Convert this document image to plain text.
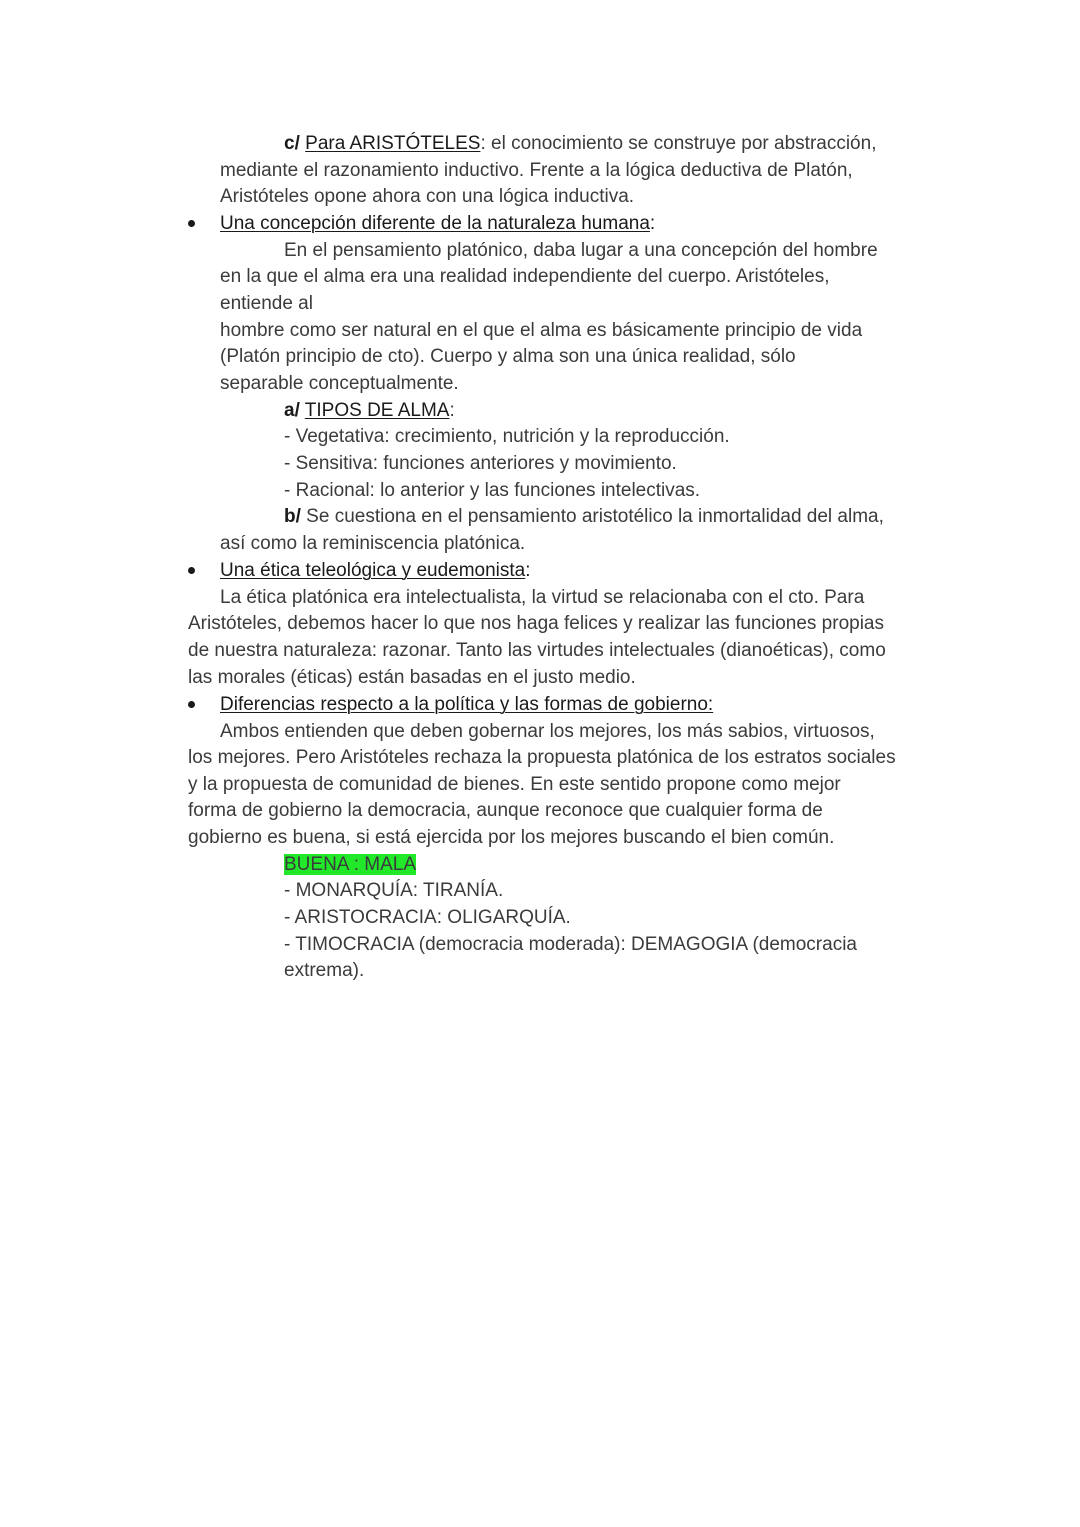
c/ Para ARISTÓTELES: el conocimiento se construye por abstracción,
mediante el razonamiento inductivo. Frente a la lógica deductiva de Platón,
Aristóteles opone ahora con una lógica inductiva.
Una concepción diferente de la naturaleza humana:
En el pensamiento platónico, daba lugar a una concepción del hombre
en la que el alma era una realidad independiente del cuerpo. Aristóteles,
entiende al
hombre como ser natural en el que el alma es básicamente principio de vida
(Platón principio de cto). Cuerpo y alma son una única realidad, sólo
separable conceptualmente.
a/ TIPOS DE ALMA:
- Vegetativa: crecimiento, nutrición y la reproducción.
- Sensitiva: funciones anteriores y movimiento.
- Racional: lo anterior y las funciones intelectivas.
b/ Se cuestiona en el pensamiento aristotélico la inmortalidad del alma,
así como la reminiscencia platónica.
Una ética teleológica y eudemonista:
La ética platónica era intelectualista, la virtud se relacionaba con el cto. Para
Aristóteles, debemos hacer lo que nos haga felices y realizar las funciones propias
de nuestra naturaleza: razonar. Tanto las virtudes intelectuales (dianoéticas), como
las morales (éticas) están basadas en el justo medio.
Diferencias respecto a la política y las formas de gobierno:
Ambos entienden que deben gobernar los mejores, los más sabios, virtuosos,
los mejores. Pero Aristóteles rechaza la propuesta platónica de los estratos sociales
y la propuesta de comunidad de bienes. En este sentido propone como mejor
forma de gobierno la democracia, aunque reconoce que cualquier forma de
gobierno es buena, si está ejercida por los mejores buscando el bien común.
BUENA : MALA
- MONARQUÍA: TIRANÍA.
- ARISTOCRACIA: OLIGARQUÍA.
- TIMOCRACIA (democracia moderada): DEMAGOGIA (democracia
extrema).
